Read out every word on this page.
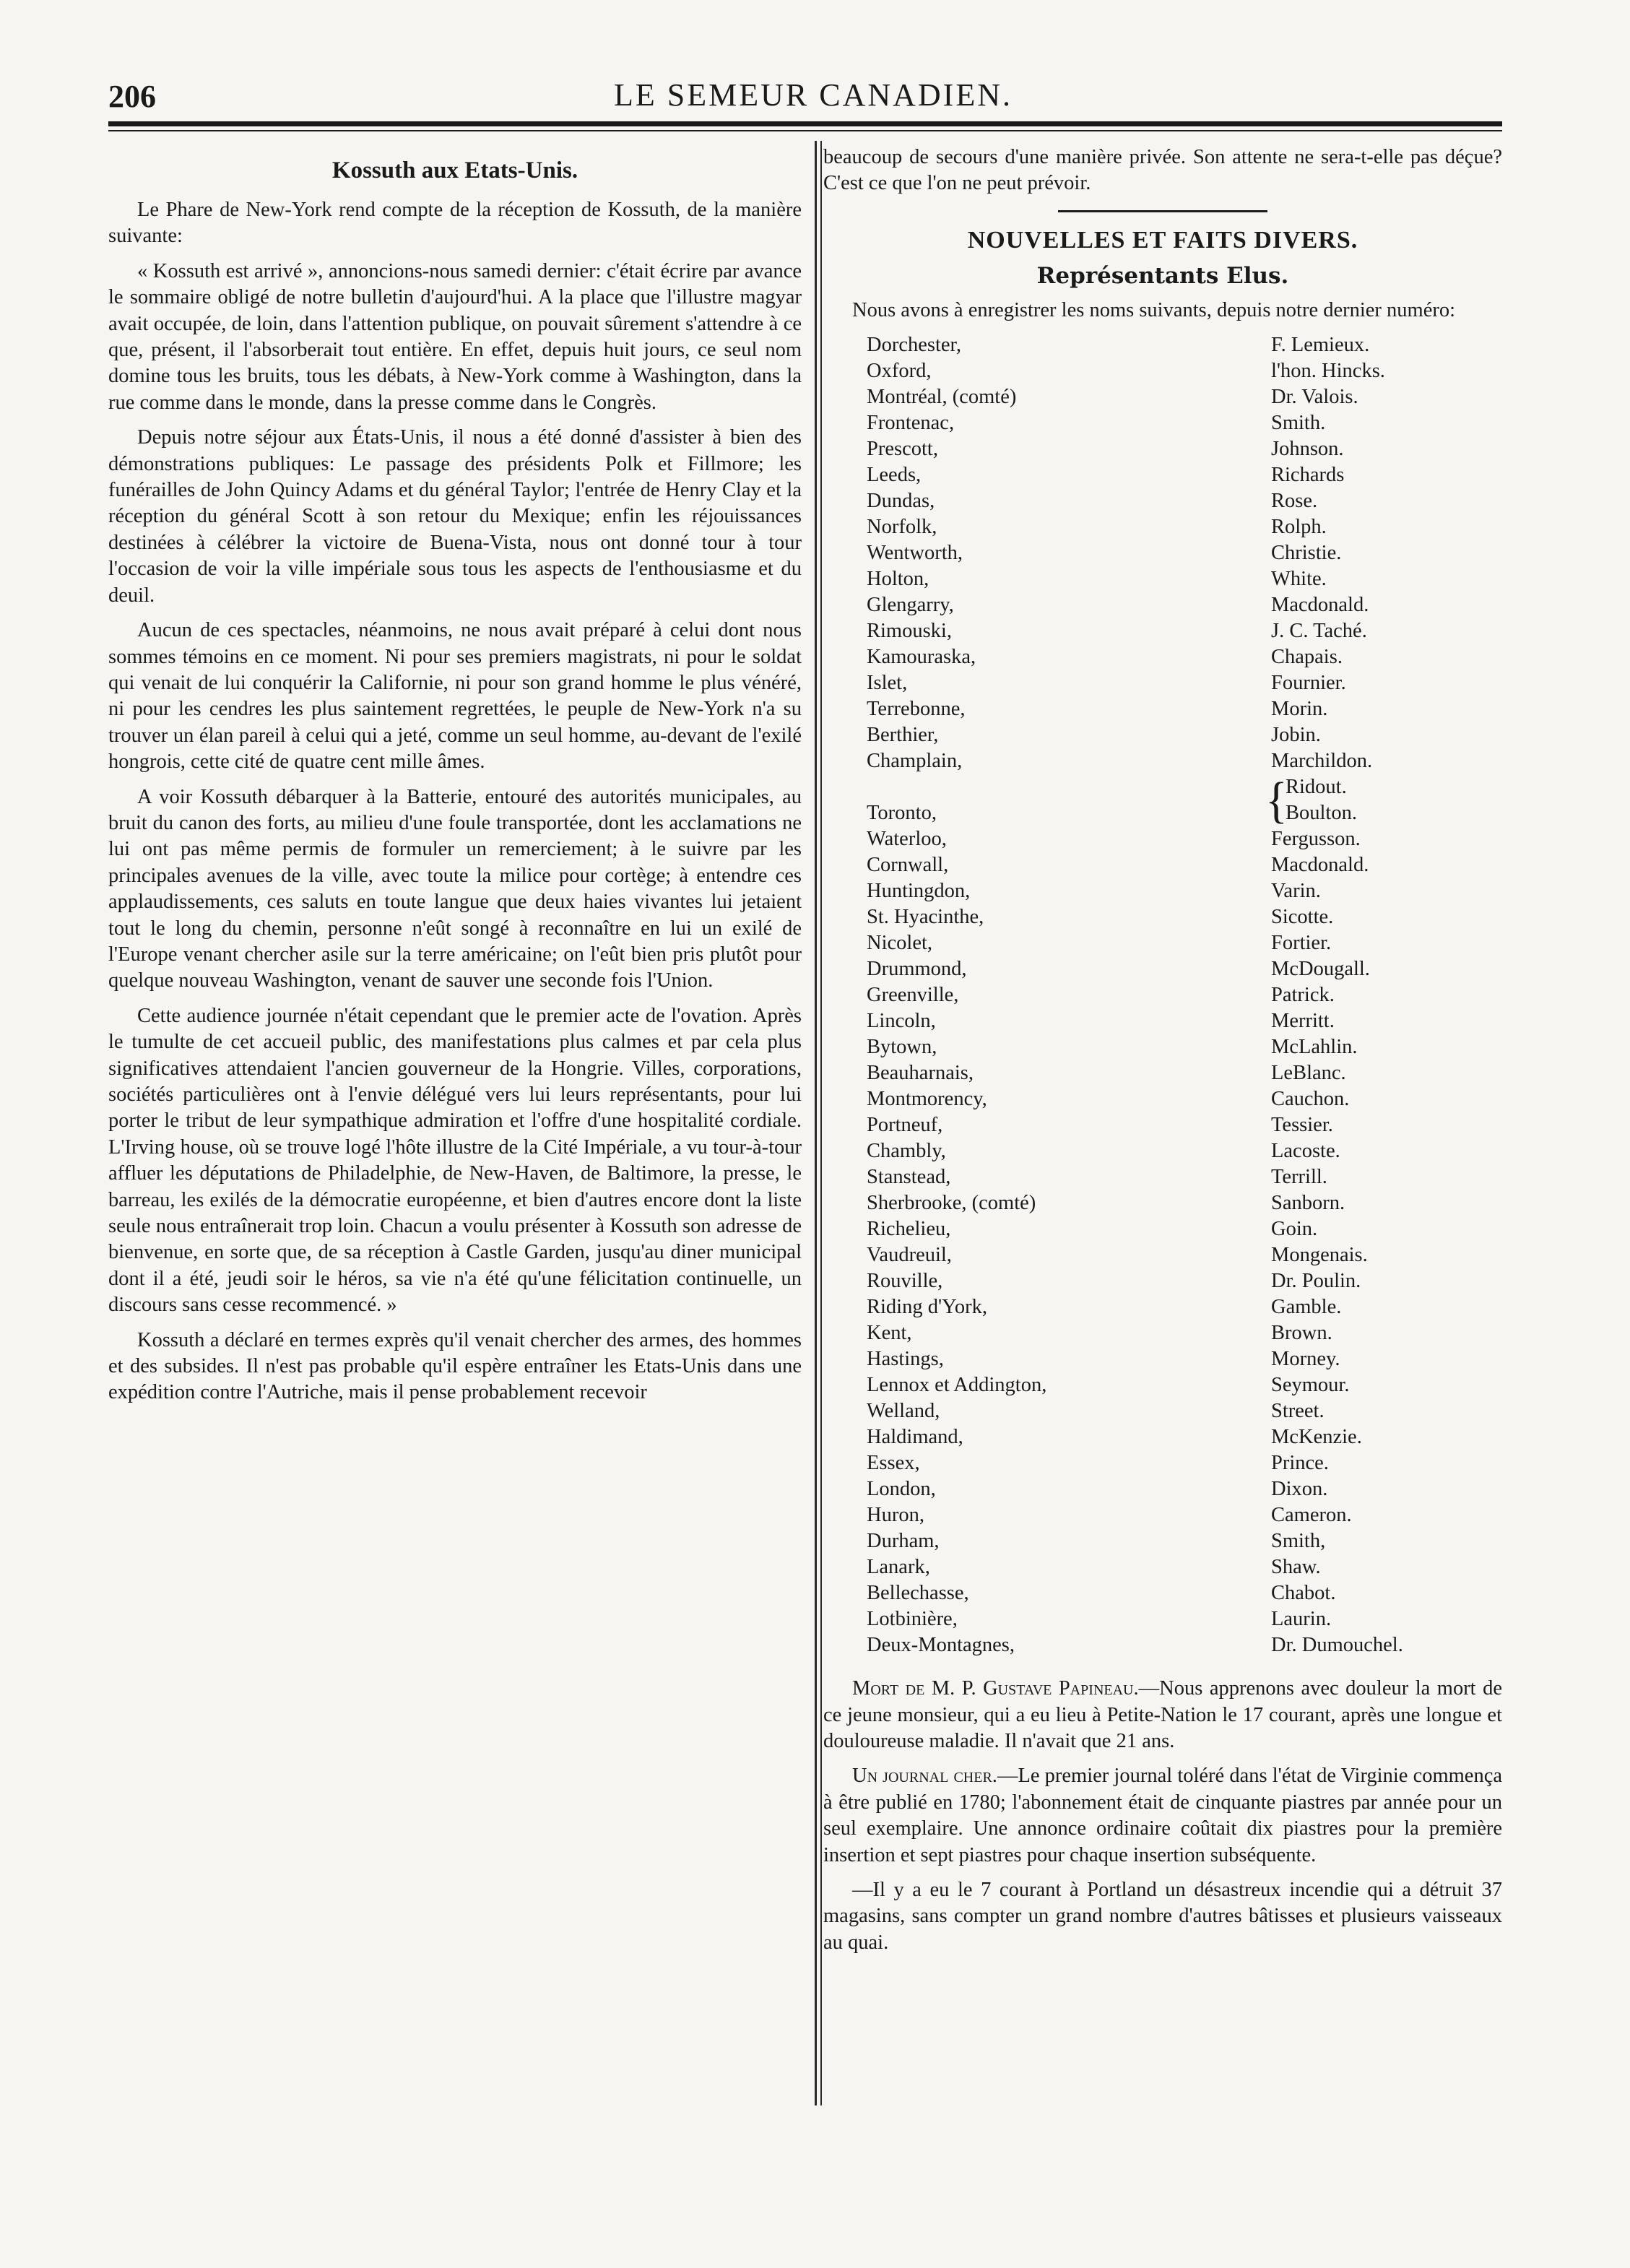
206	LE SEMEUR CANADIEN.
Kossuth aux Etats-Unis.

Le Phare de New-York rend compte de la réception de Kossuth, de la manière suivante:

« Kossuth est arrivé », annoncions-nous samedi dernier: c'était écrire par avance le sommaire obligé de notre bulletin d'aujourd'hui. A la place que l'illustre magyar avait occupée, de loin, dans l'attention publique, on pouvait sûrement s'attendre à ce que, présent, il l'absorberait tout entière. En effet, depuis huit jours, ce seul nom domine tous les bruits, tous les débats, à New-York comme à Washington, dans la rue comme dans le monde, dans la presse comme dans le Congrès.

Depuis notre séjour aux États-Unis, il nous a été donné d'assister à bien des démonstrations publiques: Le passage des présidents Polk et Fillmore; les funérailles de John Quincy Adams et du général Taylor; l'entrée de Henry Clay et la réception du général Scott à son retour du Mexique; enfin les réjouissances destinées à célébrer la victoire de Buena-Vista, nous ont donné tour à tour l'occasion de voir la ville impériale sous tous les aspects de l'enthousiasme et du deuil.

Aucun de ces spectacles, néanmoins, ne nous avait préparé à celui dont nous sommes témoins en ce moment. Ni pour ses premiers magistrats, ni pour le soldat qui venait de lui conquérir la Californie, ni pour son grand homme le plus vénéré, ni pour les cendres les plus saintement regrettées, le peuple de New-York n'a su trouver un élan pareil à celui qui a jeté, comme un seul homme, au-devant de l'exilé hongrois, cette cité de quatre cent mille âmes.

A voir Kossuth débarquer à la Batterie, entouré des autorités municipales, au bruit du canon des forts, au milieu d'une foule transportée, dont les acclamations ne lui ont pas même permis de formuler un remerciement; à le suivre par les principales avenues de la ville, avec toute la milice pour cortège; à entendre ces applaudissements, ces saluts en toute langue que deux haies vivantes lui jetaient tout le long du chemin, personne n'eût songé à reconnaître en lui un exilé de l'Europe venant chercher asile sur la terre américaine; on l'eût bien pris plutôt pour quelque nouveau Washington, venant de sauver une seconde fois l'Union.

Cette audience journée n'était cependant que le premier acte de l'ovation. Après le tumulte de cet accueil public, des manifestations plus calmes et par cela plus significatives attendaient l'ancien gouverneur de la Hongrie. Villes, corporations, sociétés particulières ont à l'envie délégué vers lui leurs représentants, pour lui porter le tribut de leur sympathique admiration et l'offre d'une hospitalité cordiale. L'Irving house, où se trouve logé l'hôte illustre de la Cité Impériale, a vu tour-à-tour affluer les députations de Philadelphie, de New-Haven, de Baltimore, la presse, le barreau, les exilés de la démocratie européenne, et bien d'autres encore dont la liste seule nous entraînerait trop loin. Chacun a voulu présenter à Kossuth son adresse de bienvenue, en sorte que, de sa réception à Castle Garden, jusqu'au diner municipal dont il a été, jeudi soir le héros, sa vie n'a été qu'une félicitation continuelle, un discours sans cesse recommencé. »

Kossuth a déclaré en termes exprès qu'il venait chercher des armes, des hommes et des subsides. Il n'est pas probable qu'il espère entraîner les Etats-Unis dans une expédition contre l'Autriche, mais il pense probablement recevoir

beaucoup de secours d'une manière privée. Son attente ne sera-t-elle pas déçue? C'est ce que l'on ne peut prévoir.

NOUVELLES ET FAITS DIVERS.
Représentants Elus.

Nous avons à enregistrer les noms suivants, depuis notre dernier numéro:

Dorchester,
Oxford,
Montréal, (comté)
Frontenac,
Prescott,
Leeds,
Dundas,
Norfolk,
Wentworth,
Holton,
Glengarry,
Rimouski,
Kamouraska,
Islet,
Terrebonne,
Berthier,
Champlain,
Toronto,
Waterloo,
Cornwall,
Huntingdon,
St. Hyacinthe,
Nicolet,
Drummond,
Greenville,
Lincoln,
Bytown,
Beauharnais,
Montmorency,
Portneuf,
Chambly,
Stanstead,
Sherbrooke, (comté)
Richelieu,
Vaudreuil,
Rouville,
Riding d'York,
Kent,
Hastings,
Lennox et Addington,
Welland,
Haldimand,
Essex,
London,
Huron,
Durham,
Lanark,
Bellechasse,
Lotbinière,
Deux-Montagnes,
F. Lemieux.
l'hon. Hincks.
Dr. Valois.
Smith.
Johnson.
Richards
Rose.
Rolph.
Christie.
White.
Macdonald.
J. C. Taché.
Chapais.
Fournier.
Morin.
Jobin.
Marchildon.
Ridout.
Boulton.
Fergusson.
Macdonald.
Varin.
Sicotte.
Fortier.
McDougall.
Patrick.
Merritt.
McLahlin.
LeBlanc.
Cauchon.
Tessier.
Lacoste.
Terrill.
Sanborn.
Goin.
Mongenais.
Dr. Poulin.
Gamble.
Brown.
Morney.
Seymour.
Street.
McKenzie.
Prince.
Dixon.
Cameron.
Smith,
Shaw.
Chabot.
Laurin.
Dr. Dumouchel.
{

Mort de M. P. Gustave Papineau.—Nous apprenons avec douleur la mort de ce jeune monsieur, qui a eu lieu à Petite-Nation le 17 courant, après une longue et douloureuse maladie. Il n'avait que 21 ans.

Un journal cher.—Le premier journal toléré dans l'état de Virginie commença à être publié en 1780; l'abonnement était de cinquante piastres par année pour un seul exemplaire. Une annonce ordinaire coûtait dix piastres pour la première insertion et sept piastres pour chaque insertion subséquente.

—Il y a eu le 7 courant à Portland un désastreux incendie qui a détruit 37 magasins, sans compter un grand nombre d'autres bâtisses et plusieurs vaisseaux au quai.
